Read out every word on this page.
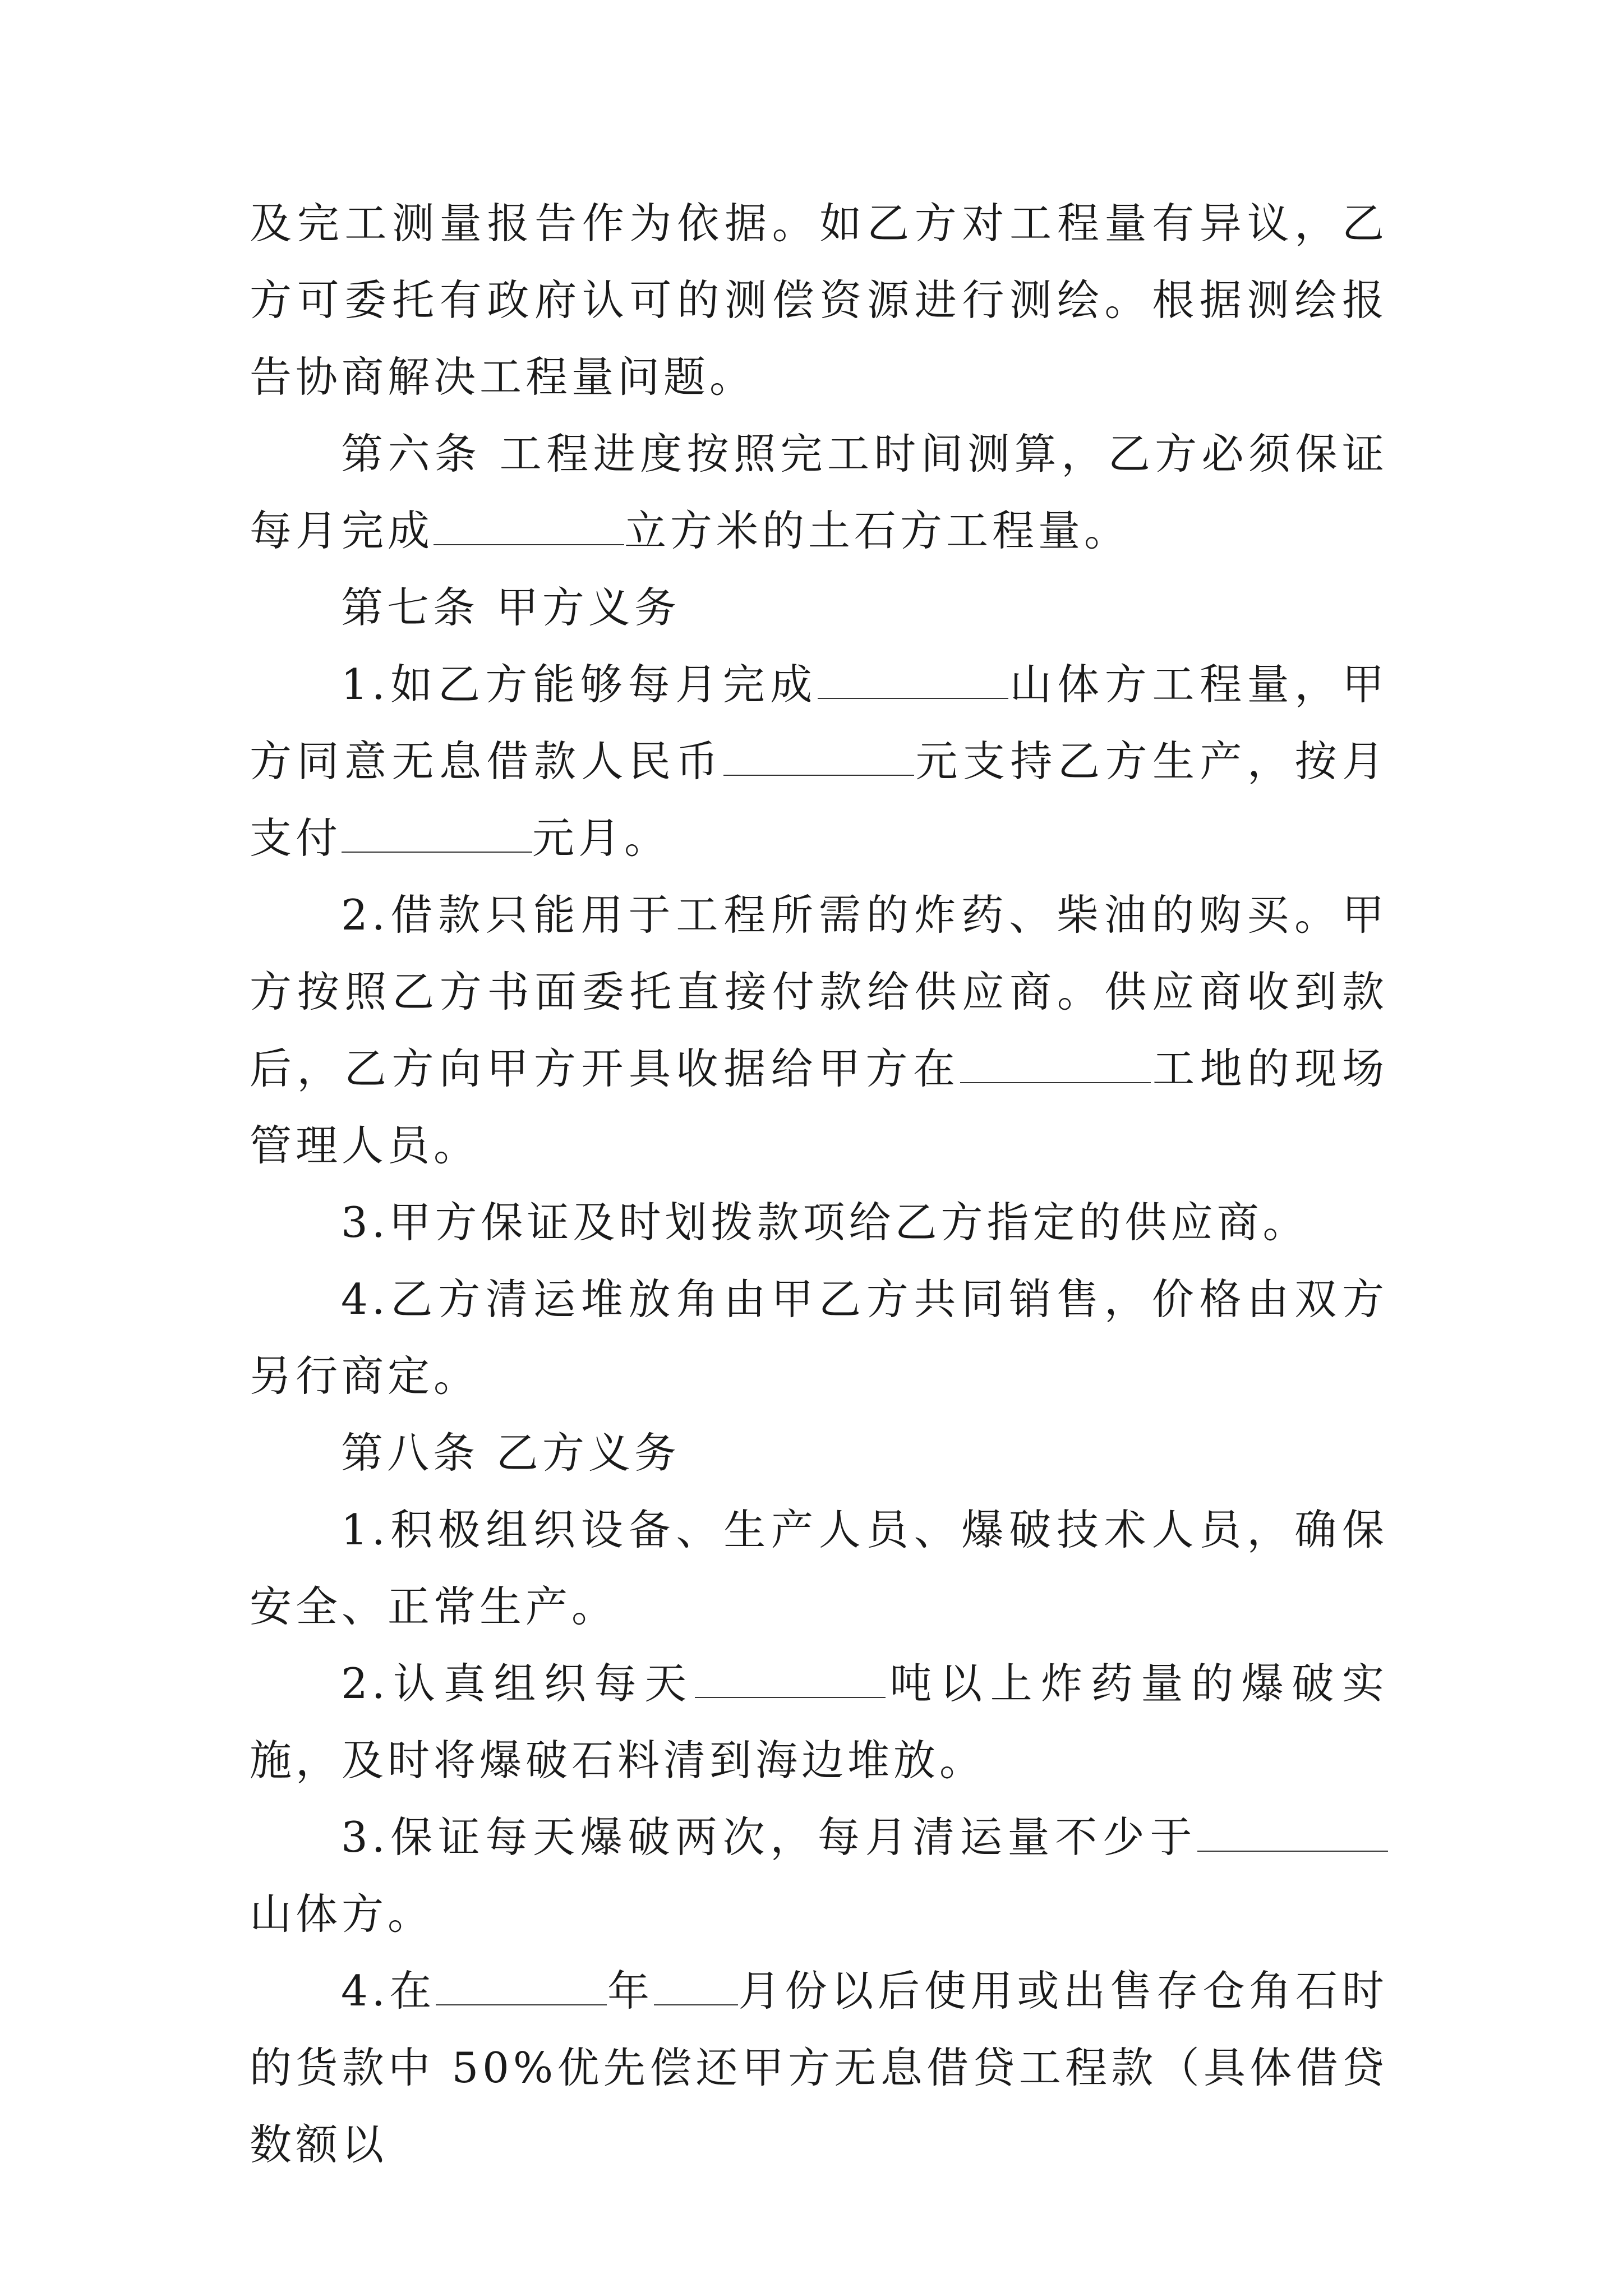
及完工测量报告作为依据。如乙方对工程量有异议，乙方可委托有政府认可的测偿资源进行测绘。根据测绘报告协商解决工程量问题。

第六条 工程进度按照完工时间测算，乙方必须保证每月完成	立方米的土石方工程量。

第七条 甲方义务

1.如乙方能够每月完成	山体方工程量，甲方同意无息借款人民币	元支持乙方生产，按月支付	元月。

2.借款只能用于工程所需的炸药、柴油的购买。甲方按照乙方书面委托直接付款给供应商。供应商收到款后，乙方向甲方开具收据给甲方在	工地的现场管理人员。

3.甲方保证及时划拨款项给乙方指定的供应商。

4.乙方清运堆放角由甲乙方共同销售，价格由双方另行商定。

第八条 乙方义务

1.积极组织设备、生产人员、爆破技术人员，确保安全、正常生产。

2.认真组织每天	吨以上炸药量的爆破实施，及时将爆破石料清到海边堆放。

3.保证每天爆破两次，每月清运量不少于山体方。

4.在	年 月份以后使用或出售存仓角石时的货款中 50%优先偿还甲方无息借贷工程款（具体借贷数额以
